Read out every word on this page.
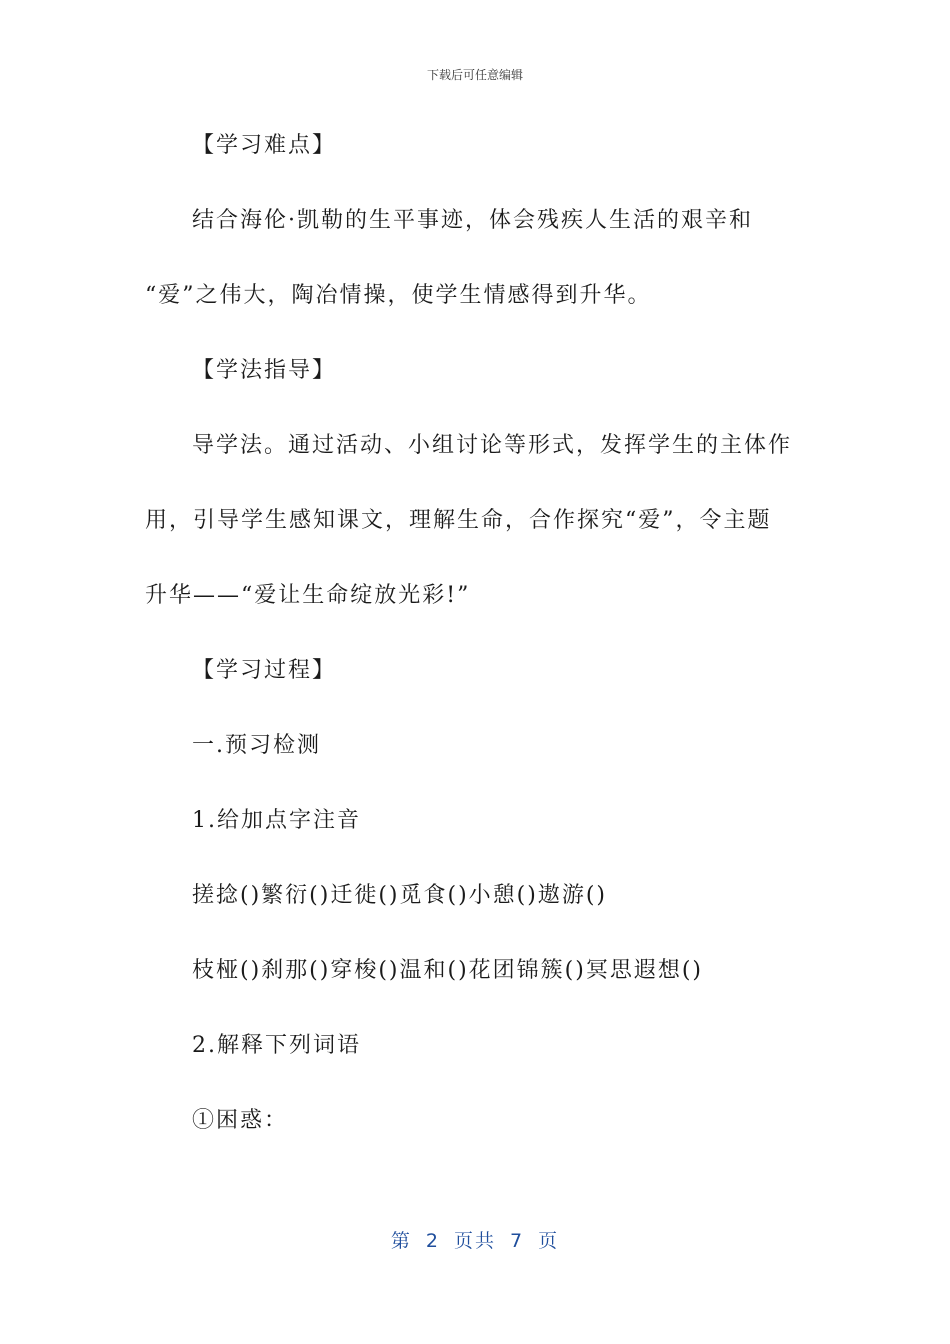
下载后可任意编辑

【学习难点】

结合海伦·凯勒的生平事迹，体会残疾人生活的艰辛和

“爱”之伟大，陶冶情操，使学生情感得到升华。

【学法指导】

导学法。通过活动、小组讨论等形式，发挥学生的主体作

用，引导学生感知课文，理解生命，合作探究“爱”，令主题

升华——“爱让生命绽放光彩!”

【学习过程】

一.预习检测

1.给加点字注音

搓捻()繁衍()迁徙()觅食()小憩()遨游()

枝桠()刹那()穿梭()温和()花团锦簇()冥思遐想()

2.解释下列词语

①困惑：

第 2 页共 7 页
